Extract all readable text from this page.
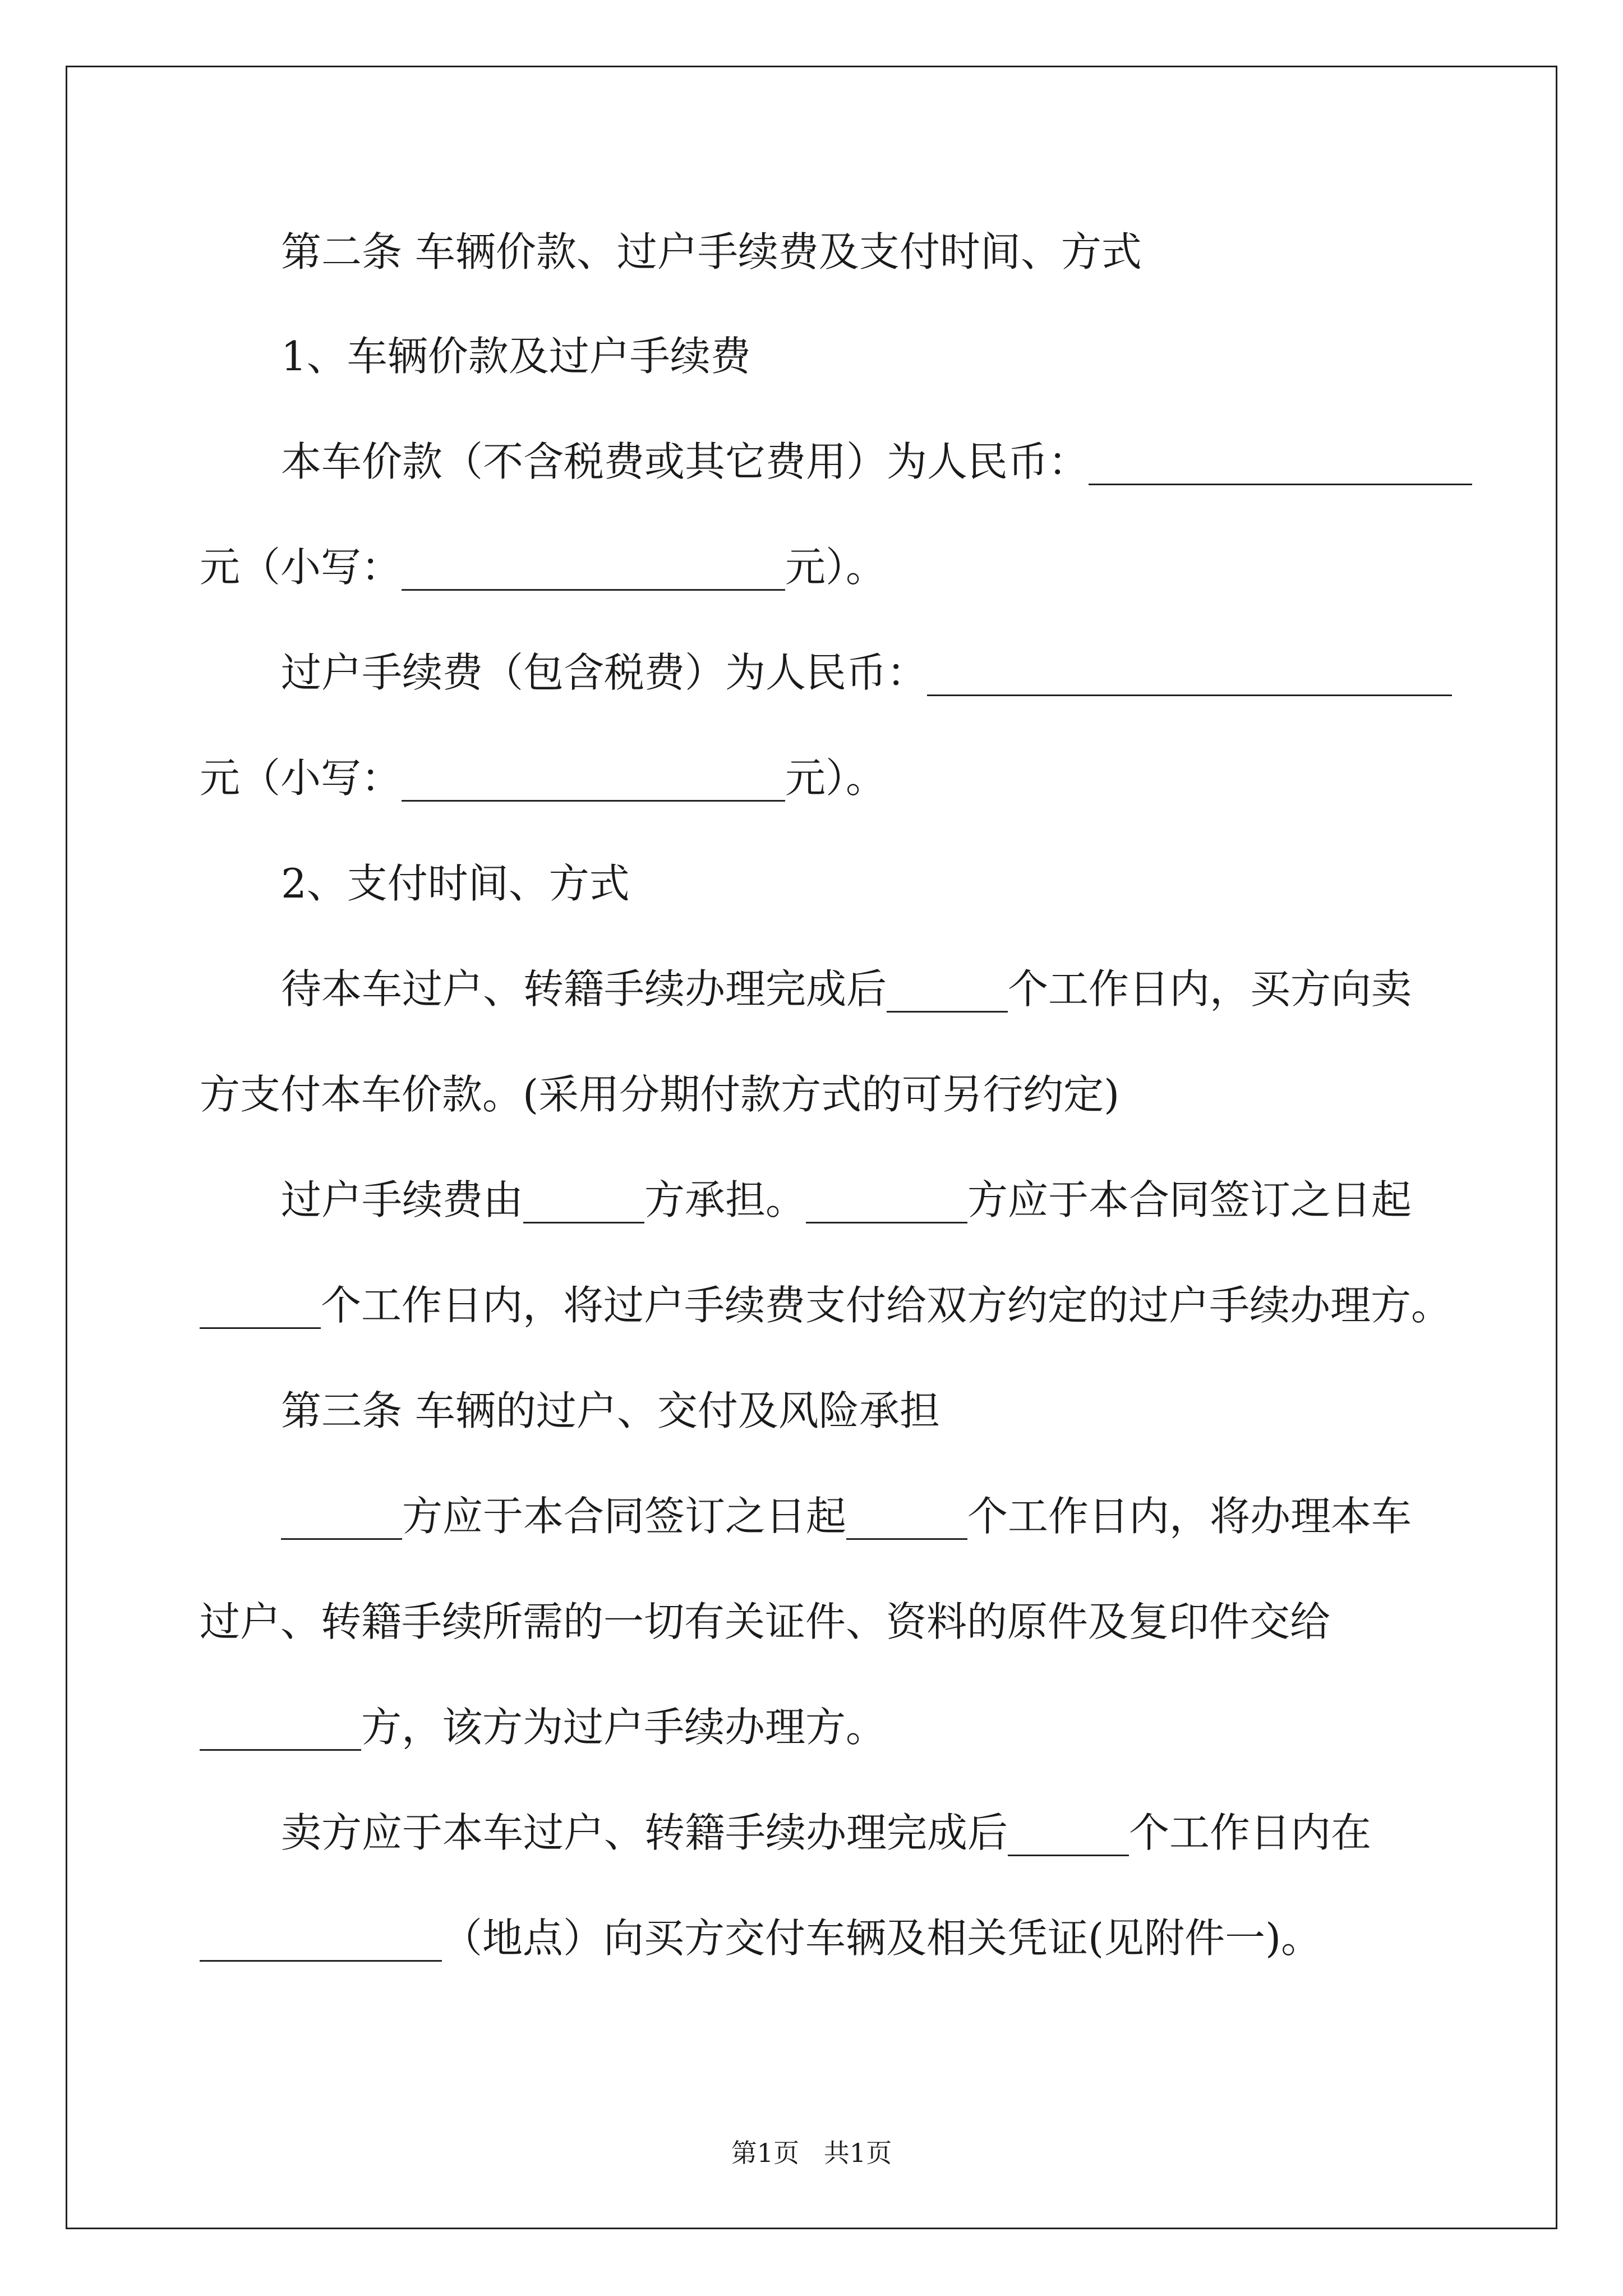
第二条 车辆价款、过户手续费及支付时间、方式
1、车辆价款及过户手续费
本车价款（不含税费或其它费用）为人民币：___________________
元（小写：___________________元）。
过户手续费（包含税费）为人民币：__________________________
元（小写：___________________元）。
2、支付时间、方式
待本车过户、转籍手续办理完成后______个工作日内，买方向卖
方支付本车价款。(采用分期付款方式的可另行约定)
过户手续费由______方承担。________方应于本合同签订之日起
______个工作日内，将过户手续费支付给双方约定的过户手续办理方。
第三条 车辆的过户、交付及风险承担
______方应于本合同签订之日起______个工作日内，将办理本车
过户、转籍手续所需的一切有关证件、资料的原件及复印件交给
________方，该方为过户手续办理方。
卖方应于本车过户、转籍手续办理完成后______个工作日内在
____________（地点）向买方交付车辆及相关凭证(见附件一)。
第1页   共1页
